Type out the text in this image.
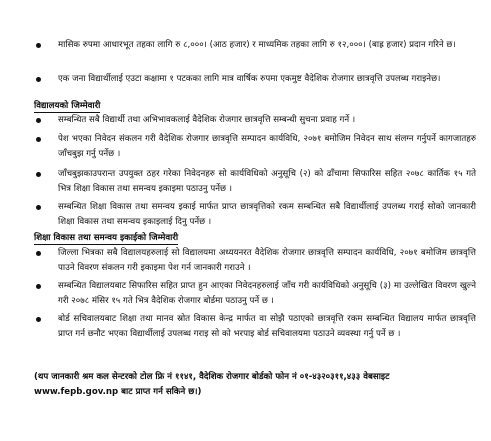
मासिक रुपमा आधारभूत तहका लागि रु ८,०००। (आठ हजार) र माध्यमिक तहका लागि रु १२,०००। (बाह्र हजार) प्रदान गरिने छ।
एक जना विद्यार्थीलाई एउटा कक्षामा १ पटकका लागि मात्र वार्षिक रुपमा एकमुष्ट वैदेशिक रोजगार छात्रवृत्ति उपलब्ध गराइनेछ।
विद्यालयको जिम्मेवारी
सम्बन्धित सबै विद्यार्थी तथा अभिभावकलाई वैदेशिक रोजगार छात्रवृत्ति सम्बन्धी सुचना प्रवाह गर्ने ।
पेश भएका निवेदन संकलन गरी वैदेशिक रोजगार छात्रवृत्ति सम्पादन कार्यविधि, २०७१ बमोजिम निवेदन साथ संलग्न गर्नुपर्ने कागजातहरु जाँचबुझ गर्नु पर्नेछ ।
जाँचबुझकाउपरान्त उपयुक्त ठहर गरेका निवेदनहरु सो कार्यविधिको अनुसूचि (२) को ढाँचामा सिफारिस सहित २०७८ कार्तिक १५ गते भित्र शिक्षा विकास तथा समन्वय इकाइमा पठाउनु पर्नेछ ।
सम्बन्धित शिक्षा विकास तथा समन्वय इकाई मार्फत प्राप्त छात्रवृत्तिको रकम सम्बन्धित सबै विद्यार्थीलाई उपलब्ध गराई सोको जानकारी शिक्षा विकास तथा समन्वय इकाइलाई दिनु पर्नेछ ।
शिक्षा विकास तथा समन्वय इकाईको जिम्मेवारी
जिल्ला भित्रका सबै विद्यालयहरुलाई सो विद्यालयमा अध्ययनरत वैदेशिक रोजगार छात्रवृत्ति सम्पादन कार्यविधि, २०७१ बमोजिम छात्रवृत्ति पाउने विवरण संकलन गरी इकाइमा पेश गर्न जानकारी गराउने ।
सम्बन्धित विद्यालयबाट सिफारिस सहित प्राप्त हुन आएका निवेदनहरुलाई जाँच गरी कार्यविधिको अनुसूचि (३) मा उल्लेखित विवरण खुल्ने गरी २०७८ मंसिर १५ गते भित्र वैदेशिक रोजगार बोर्डमा पठाउनु पर्ने छ ।
बोर्ड सचिवालयबाट शिक्षा तथा मानव स्रोत विकास केन्द्र मार्फत वा सोझै पठाएको छात्रवृत्ति रकम सम्बन्धित विद्यालय मार्फत छात्रवृत्ति प्राप्त गर्न छनौट भएका विद्यार्थीलाई उपलब्ध गराइ सो को भरपाइ बोर्ड सचिवालयमा पठाउने व्यवस्था गर्नु पर्ने छ ।
(थप जानकारी श्रम कल सेन्टरको टोल फ्रि नं ११४१, वैदेशिक रोजगार बोर्डको फोन नं ०१-४३२०३११,४३३ वेबसाइट www.fepb.gov.np बाट प्राप्त गर्न सकिने छ।)
